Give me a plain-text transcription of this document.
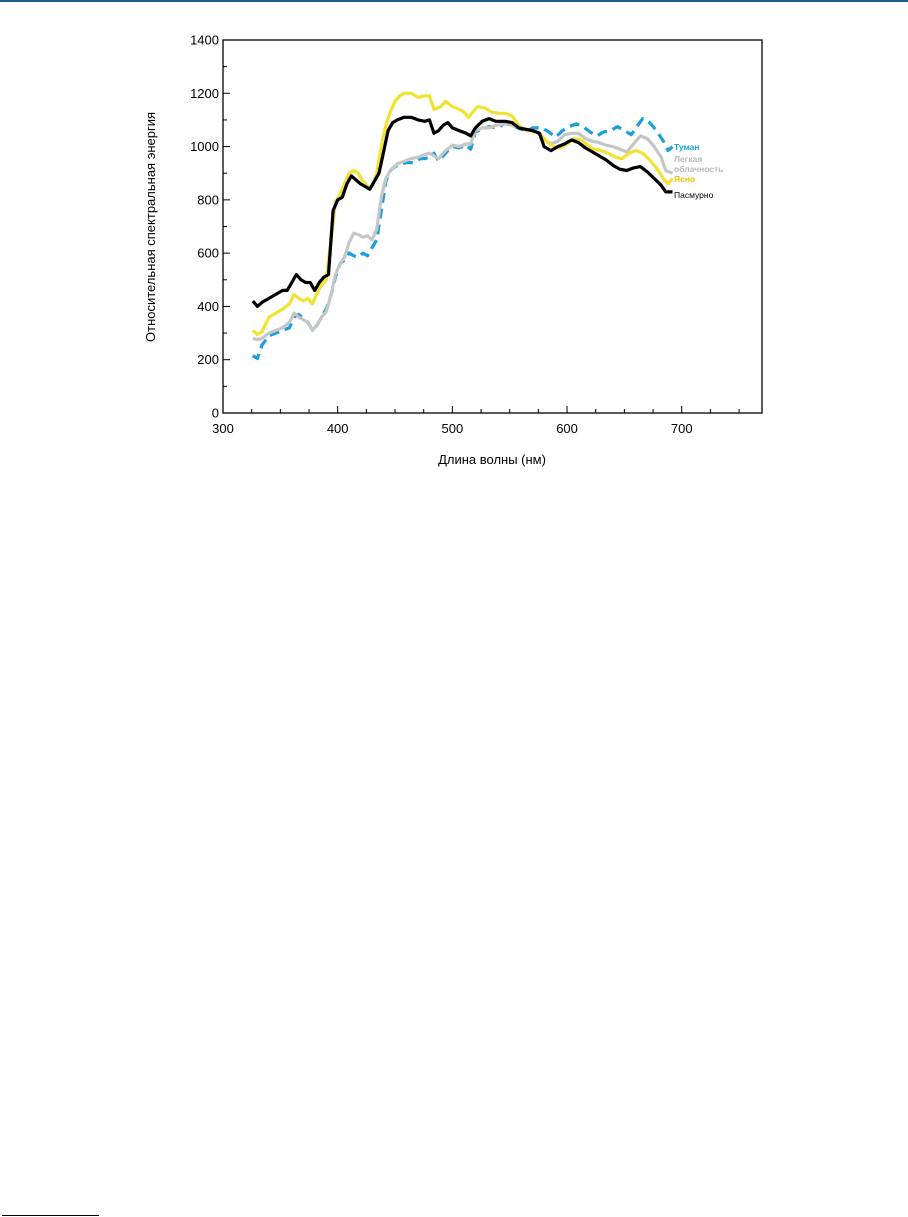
300	400	500	600	700
0
200
400
600
800
1000
1200
1400
Туман
Легкая облачность
Ясно
Пасмурно
Длина волны (нм)
Относительная спектральная энергия
